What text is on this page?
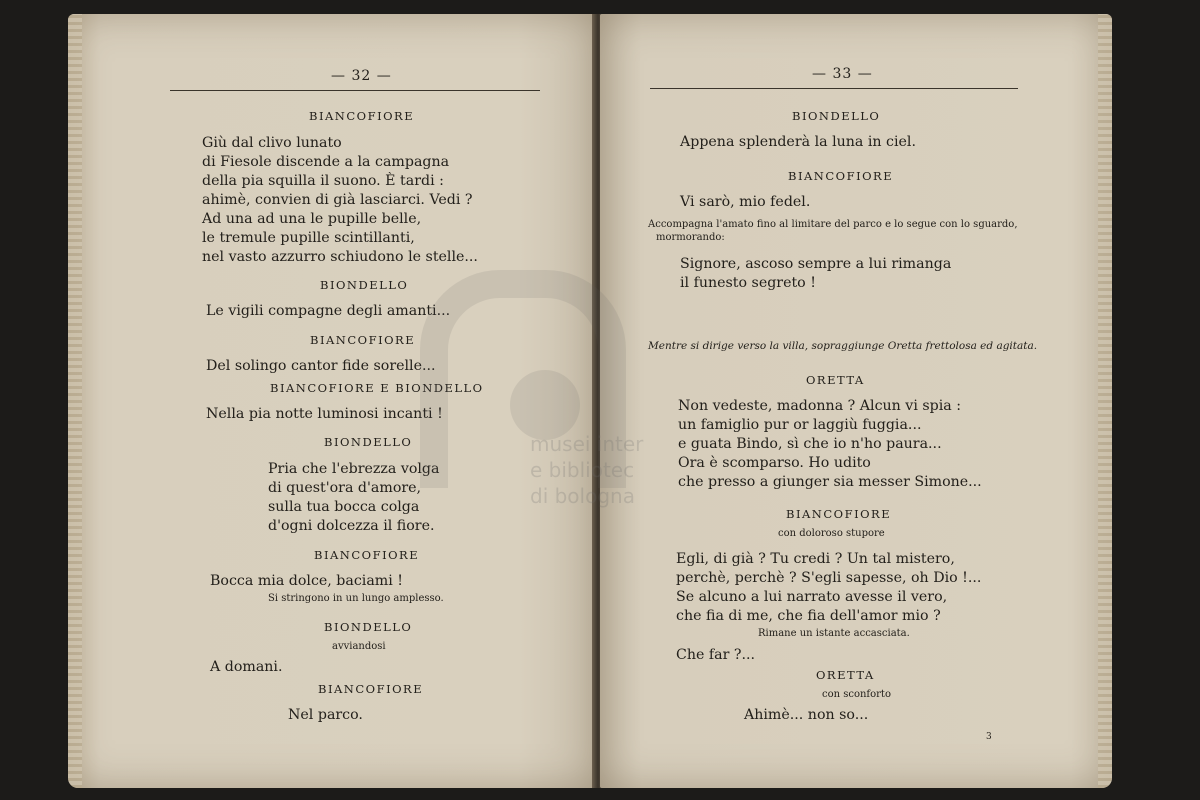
— 32 —
BIANCOFIORE
Giù dal clivo lunato
di Fiesole discende a la campagna
della pia squilla il suono. È tardi :
ahimè, convien di già lasciarci. Vedi ?
Ad una ad una le pupille belle,
le tremule pupille scintillanti,
nel vasto azzurro schiudono le stelle...
BIONDELLO
Le vigili compagne degli amanti...
BIANCOFIORE
Del solingo cantor fide sorelle...
BIANCOFIORE E BIONDELLO
Nella pia notte luminosi incanti !
BIONDELLO
Pria che l'ebrezza volga
di quest'ora d'amore,
sulla tua bocca colga
d'ogni dolcezza il fiore.
BIANCOFIORE
Bocca mia dolce, baciami !
Si stringono in un lungo amplesso.
BIONDELLO
avviandosi
A domani.
BIANCOFIORE
Nel parco.
— 33 —
BIONDELLO
Appena splenderà la luna in ciel.
BIANCOFIORE
Vi sarò, mio fedel.
Accompagna l'amato fino al limitare del parco e lo segue con lo sguardo,
mormorando:
Signore, ascoso sempre a lui rimanga
il funesto segreto !
Mentre si dirige verso la villa, sopraggiunge Oretta frettolosa ed agitata.
ORETTA
Non vedeste, madonna ? Alcun vi spia :
un famiglio pur or laggiù fuggia...
e guata Bindo, sì che io n'ho paura...
Ora è scomparso. Ho udito
che presso a giunger sia messer Simone...
BIANCOFIORE
con doloroso stupore
Egli, di già ? Tu credi ? Un tal mistero,
perchè, perchè ? S'egli sapesse, oh Dio !...
Se alcuno a lui narrato avesse il vero,
che fia di me, che fia dell'amor mio ?
Rimane un istante accasciata.
Che far ?...
ORETTA
con sconforto
Ahimè... non so...
3
musei inter
e bibliotec
di bologna
